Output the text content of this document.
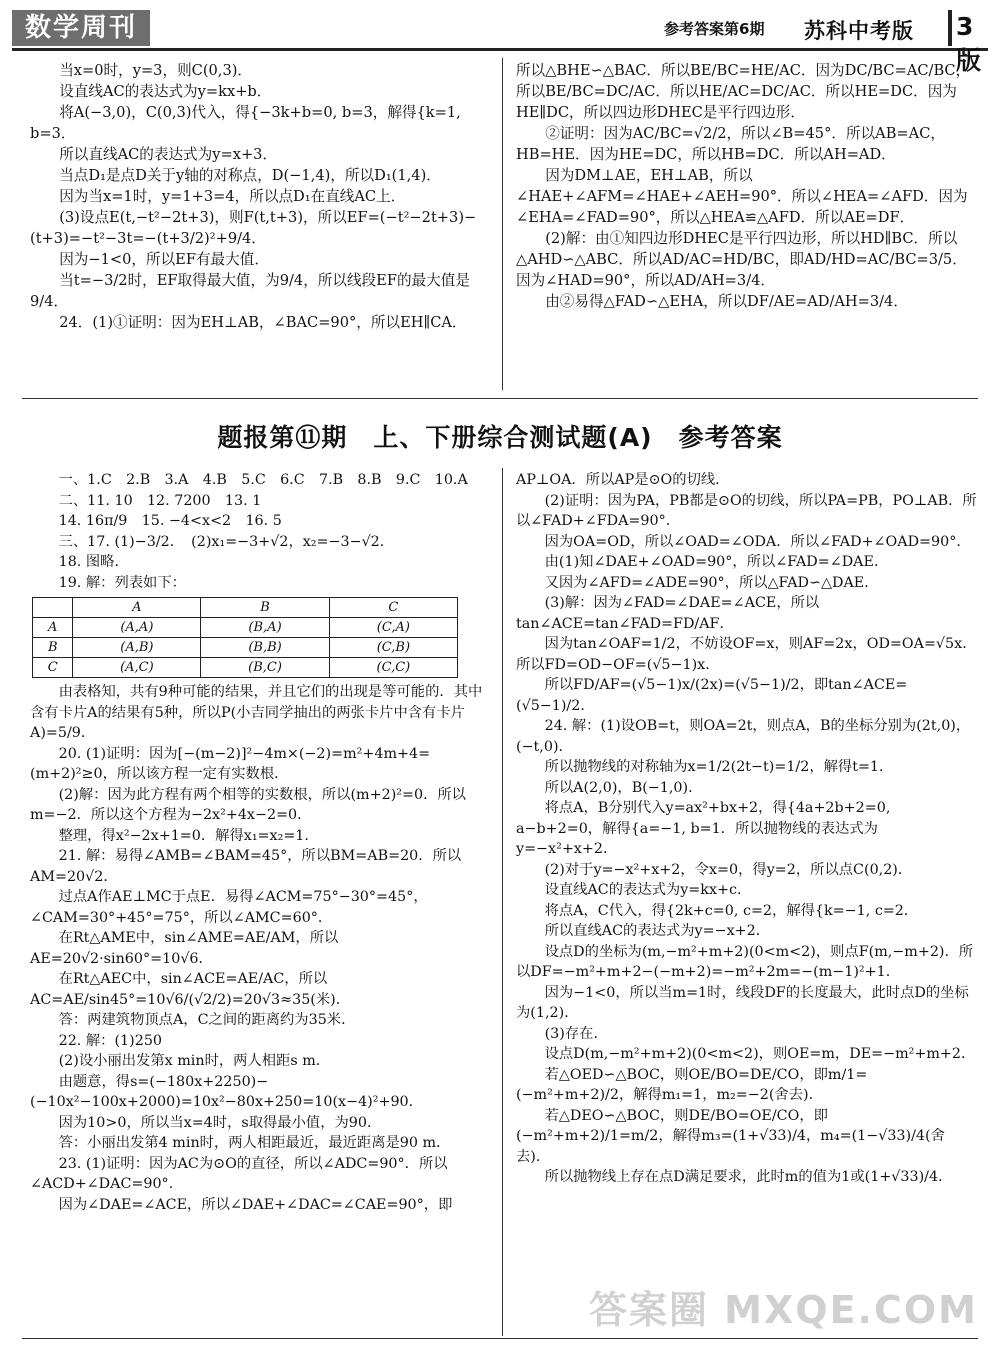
数学周刊	参考答案第6期 苏科中考版 3版

当x=0时，y=3，则C(0,3)．

设直线AC的表达式为y=kx+b．

将A(−3,0)，C(0,3)代入，得{−3k+b=0, b=3，解得{k=1, b=3．

所以直线AC的表达式为y=x+3．

当点D₁是点D关于y轴的对称点，D(−1,4)，所以D₁(1,4)．

因为当x=1时，y=1+3=4，所以点D₁在直线AC上．

(3)设点E(t,−t²−2t+3)，则F(t,t+3)，所以EF=(−t²−2t+3)−(t+3)=−t²−3t=−(t+3/2)²+9/4．

因为−1<0，所以EF有最大值．

当t=−3/2时，EF取得最大值，为9/4，所以线段EF的最大值是9/4．

24．(1)①证明：因为EH⊥AB，∠BAC=90°，所以EH∥CA．

所以△BHE∽△BAC．所以BE/BC=HE/AC．因为DC/BC=AC/BC，所以BE/BC=DC/AC．所以HE/AC=DC/AC．所以HE=DC．因为HE∥DC，所以四边形DHEC是平行四边形．

②证明：因为AC/BC=√2/2，所以∠B=45°．所以AB=AC，HB=HE．因为HE=DC，所以HB=DC．所以AH=AD．

因为DM⊥AE，EH⊥AB，所以∠HAE+∠AFM=∠HAE+∠AEH=90°．所以∠HEA=∠AFD．因为∠EHA=∠FAD=90°，所以△HEA≌△AFD．所以AE=DF．

(2)解：由①知四边形DHEC是平行四边形，所以HD∥BC．所以△AHD∽△ABC．所以AD/AC=HD/BC，即AD/HD=AC/BC=3/5．因为∠HAD=90°，所以AD/AH=3/4．

由②易得△FAD∽△EHA，所以DF/AE=AD/AH=3/4．

题报第⑪期　上、下册综合测试题(A)　参考答案

一、1.C　2.B　3.A　4.B　5.C　6.C　7.B　8.B　9.C　10.A

二、11. 10　12. 7200　13. 1

14. 16π/9　15. −4<x<2　16. 5

三、17. (1)−3/2．　(2)x₁=−3+√2，x₂=−3−√2．

18. 图略．

19. 解：列表如下：

	A	B	C
A	(A,A)	(B,A)	(C,A)
B	(A,B)	(B,B)	(C,B)
C	(A,C)	(B,C)	(C,C)

由表格知，共有9种可能的结果，并且它们的出现是等可能的．其中含有卡片A的结果有5种，所以P(小吉同学抽出的两张卡片中含有卡片A)=5/9．

20. (1)证明：因为[−(m−2)]²−4m×(−2)=m²+4m+4=(m+2)²≥0，所以该方程一定有实数根．

(2)解：因为此方程有两个相等的实数根，所以(m+2)²=0．所以m=−2．所以这个方程为−2x²+4x−2=0．

整理，得x²−2x+1=0．解得x₁=x₂=1．

21. 解：易得∠AMB=∠BAM=45°，所以BM=AB=20．所以AM=20√2．

过点A作AE⊥MC于点E．易得∠ACM=75°−30°=45°，∠CAM=30°+45°=75°，所以∠AMC=60°．

在Rt△AME中，sin∠AME=AE/AM，所以AE=20√2·sin60°=10√6．

在Rt△AEC中，sin∠ACE=AE/AC，所以AC=AE/sin45°=10√6/(√2/2)=20√3≈35(米)．

答：两建筑物顶点A，C之间的距离约为35米．

22. 解：(1)250

(2)设小丽出发第x min时，两人相距s m．

由题意，得s=(−180x+2250)−(−10x²−100x+2000)=10x²−80x+250=10(x−4)²+90．

因为10>0，所以当x=4时，s取得最小值，为90．

答：小丽出发第4 min时，两人相距最近，最近距离是90 m．

23. (1)证明：因为AC为⊙O的直径，所以∠ADC=90°．所以∠ACD+∠DAC=90°．

因为∠DAE=∠ACE，所以∠DAE+∠DAC=∠CAE=90°，即

AP⊥OA．所以AP是⊙O的切线．

(2)证明：因为PA，PB都是⊙O的切线，所以PA=PB，PO⊥AB．所以∠FAD+∠FDA=90°．

因为OA=OD，所以∠OAD=∠ODA．所以∠FAD+∠OAD=90°．

由(1)知∠DAE+∠OAD=90°，所以∠FAD=∠DAE．

又因为∠AFD=∠ADE=90°，所以△FAD∽△DAE．

(3)解：因为∠FAD=∠DAE=∠ACE，所以tan∠ACE=tan∠FAD=FD/AF．

因为tan∠OAF=1/2，不妨设OF=x，则AF=2x，OD=OA=√5x．所以FD=OD−OF=(√5−1)x．

所以FD/AF=(√5−1)x/(2x)=(√5−1)/2，即tan∠ACE=(√5−1)/2．

24. 解：(1)设OB=t，则OA=2t，则点A，B的坐标分别为(2t,0)，(−t,0)．

所以抛物线的对称轴为x=1/2(2t−t)=1/2，解得t=1．

所以A(2,0)，B(−1,0)．

将点A，B分别代入y=ax²+bx+2，得{4a+2b+2=0, a−b+2=0，解得{a=−1, b=1．所以抛物线的表达式为y=−x²+x+2．

(2)对于y=−x²+x+2，令x=0，得y=2，所以点C(0,2)．

设直线AC的表达式为y=kx+c．

将点A，C代入，得{2k+c=0, c=2，解得{k=−1, c=2．

所以直线AC的表达式为y=−x+2．

设点D的坐标为(m,−m²+m+2)(0<m<2)，则点F(m,−m+2)．所以DF=−m²+m+2−(−m+2)=−m²+2m=−(m−1)²+1．

因为−1<0，所以当m=1时，线段DF的长度最大，此时点D的坐标为(1,2)．

(3)存在．

设点D(m,−m²+m+2)(0<m<2)，则OE=m，DE=−m²+m+2．

若△OED∽△BOC，则OE/BO=DE/CO，即m/1=(−m²+m+2)/2，解得m₁=1，m₂=−2(舍去)．

若△DEO∽△BOC，则DE/BO=OE/CO，即(−m²+m+2)/1=m/2，解得m₃=(1+√33)/4，m₄=(1−√33)/4(舍去)．

所以抛物线上存在点D满足要求，此时m的值为1或(1+√33)/4．

答案圈 MXQE.COM
